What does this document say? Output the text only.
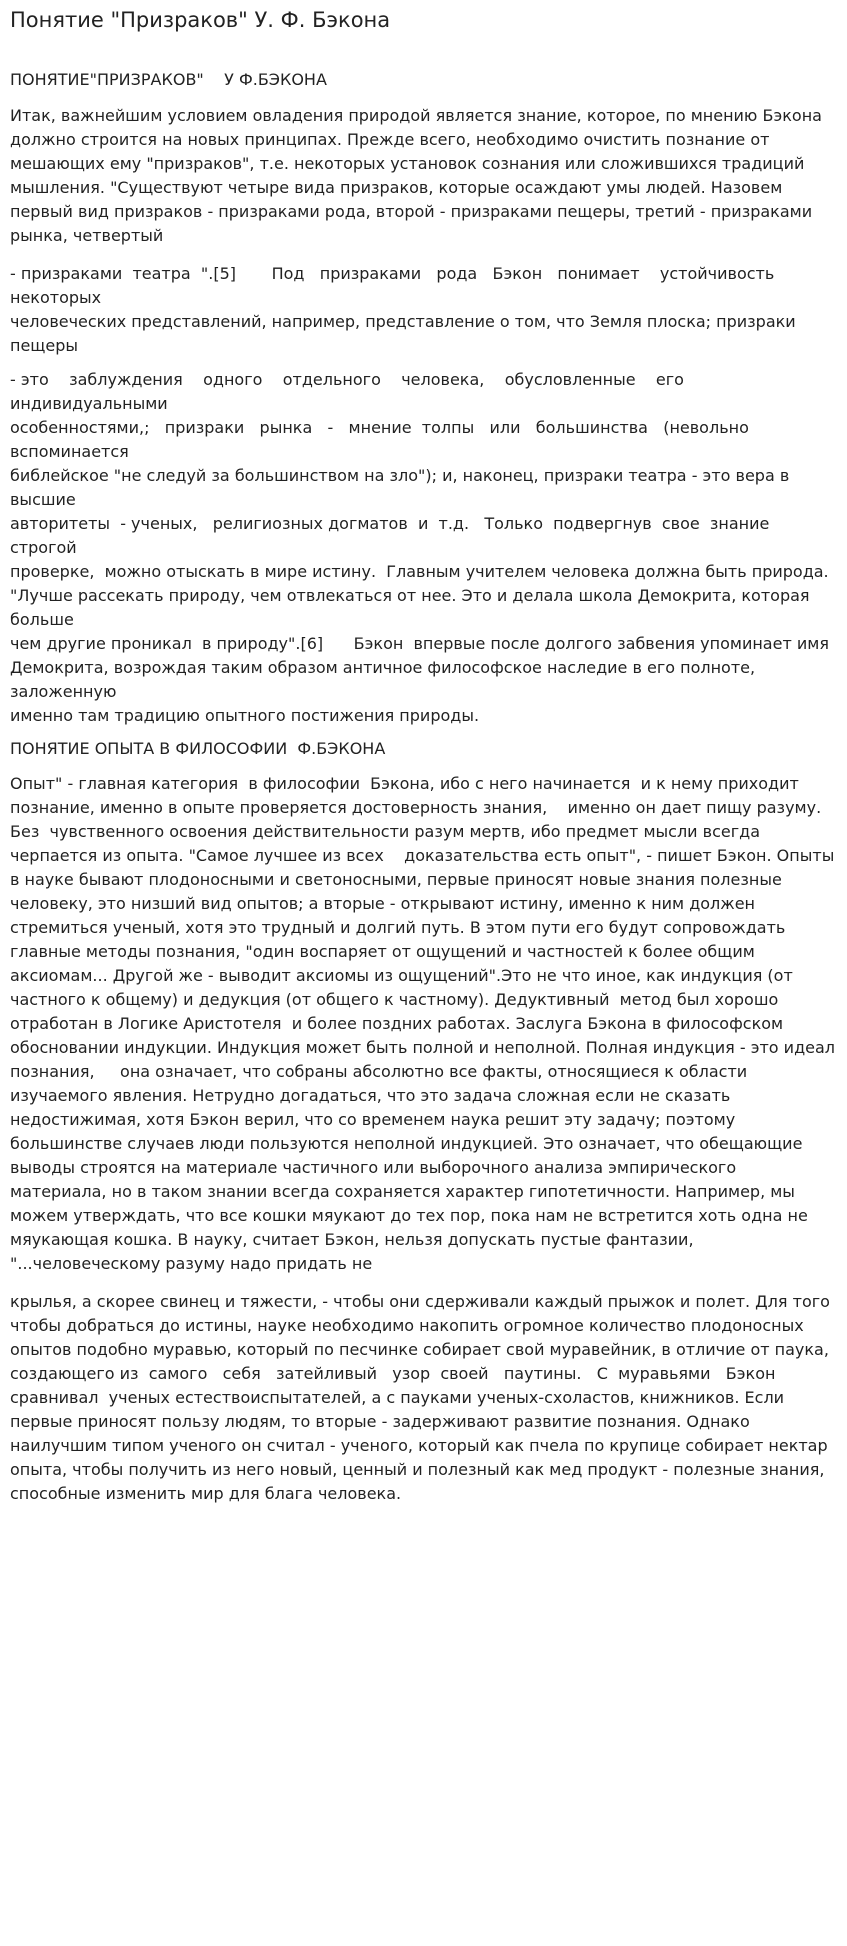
Понятие "Призраков" У. Ф. Бэкона

ПОНЯТИЕ"ПРИЗРАКОВ"    У Ф.БЭКОНА

Итак, важнейшим условием овладения природой является знание, которое, по мнению Бэкона должно строится на новых принципах. Прежде всего, необходимо очистить познание от мешающих ему "призраков", т.е. некоторых установок сознания или сложившихся традиций мышления. "Существуют четыре вида призраков, которые осаждают умы людей. Назовем первый вид призраков - призраками рода, второй - призраками пещеры, третий - призраками рынка, четвертый

- призраками  театра  ".[5]       Под   призраками   рода   Бэкон   понимает    устойчивость   некоторых

человеческих представлений, например, представление о том, что Земля плоска; призраки пещеры

- это    заблуждения    одного    отдельного    человека,    обусловленные    его    индивидуальными

особенностями,;   призраки   рынка   -   мнение  толпы   или   большинства   (невольно   вспоминается

библейское "не следуй за большинством на зло"); и, наконец, призраки театра - это вера в высшие

авторитеты  - ученых,   религиозных догматов  и  т.д.   Только  подвергнув  свое  знание строгой

проверке,  можно отыскать в мире истину.  Главным учителем человека должна быть природа.

"Лучше рассекать природу, чем отвлекаться от нее. Это и делала школа Демокрита, которая больше

чем другие проникал  в природу".[6]      Бэкон  впервые после долгого забвения упоминает имя

Демокрита, возрождая таким образом античное философское наследие в его полноте, заложенную

именно там традицию опытного постижения природы.

ПОНЯТИЕ ОПЫТА В ФИЛОСОФИИ  Ф.БЭКОНА

Опыт" - главная категория  в философии  Бэкона, ибо с него начинается  и к нему приходит познание, именно в опыте проверяется достоверность знания,    именно он дает пищу разуму. Без  чувственного освоения действительности разум мертв, ибо предмет мысли всегда черпается из опыта. "Самое лучшее из всех    доказательства есть опыт", - пишет Бэкон. Опыты в науке бывают плодоносными и светоносными, первые приносят новые знания полезные человеку, это низший вид опытов; а вторые - открывают истину, именно к ним должен стремиться ученый, хотя это трудный и долгий путь. В этом пути его будут сопровождать главные методы познания, "один воспаряет от ощущений и частностей к более общим аксиомам... Другой же - выводит аксиомы из ощущений".Это не что иное, как индукция (от частного к общему) и дедукция (от общего к частному). Дедуктивный  метод был хорошо отработан в Логике Аристотеля  и более поздних работах. Заслуга Бэкона в философском обосновании индукции. Индукция может быть полной и неполной. Полная индукция - это идеал познания,     она означает, что собраны абсолютно все факты, относящиеся к области изучаемого явления. Нетрудно догадаться, что это задача сложная если не сказать недостижимая, хотя Бэкон верил, что со временем наука решит эту задачу; поэтому большинстве случаев люди пользуются неполной индукцией. Это означает, что обещающие выводы строятся на материале частичного или выборочного анализа эмпирического материала, но в таком знании всегда сохраняется характер гипотетичности. Например, мы можем утверждать, что все кошки мяукают до тех пор, пока нам не встретится хоть одна не мяукающая кошка. В науку, считает Бэкон, нельзя допускать пустые фантазии, "...человеческому разуму надо придать не

крылья, а скорее свинец и тяжести, - чтобы они сдерживали каждый прыжок и полет. Для того чтобы добраться до истины, науке необходимо накопить огромное количество плодоносных опытов подобно муравью, который по песчинке собирает свой муравейник, в отличие от паука, создающего из  самого   себя   затейливый   узор  своей   паутины.   С  муравьями   Бэкон   сравнивал  ученых естествоиспытателей, а с пауками ученых-схоластов, книжников. Если первые приносят пользу людям, то вторые - задерживают развитие познания. Однако наилучшим типом ученого он считал - ученого, который как пчела по крупице собирает нектар опыта, чтобы получить из него новый, ценный и полезный как мед продукт - полезные знания, способные изменить мир для блага человека.
